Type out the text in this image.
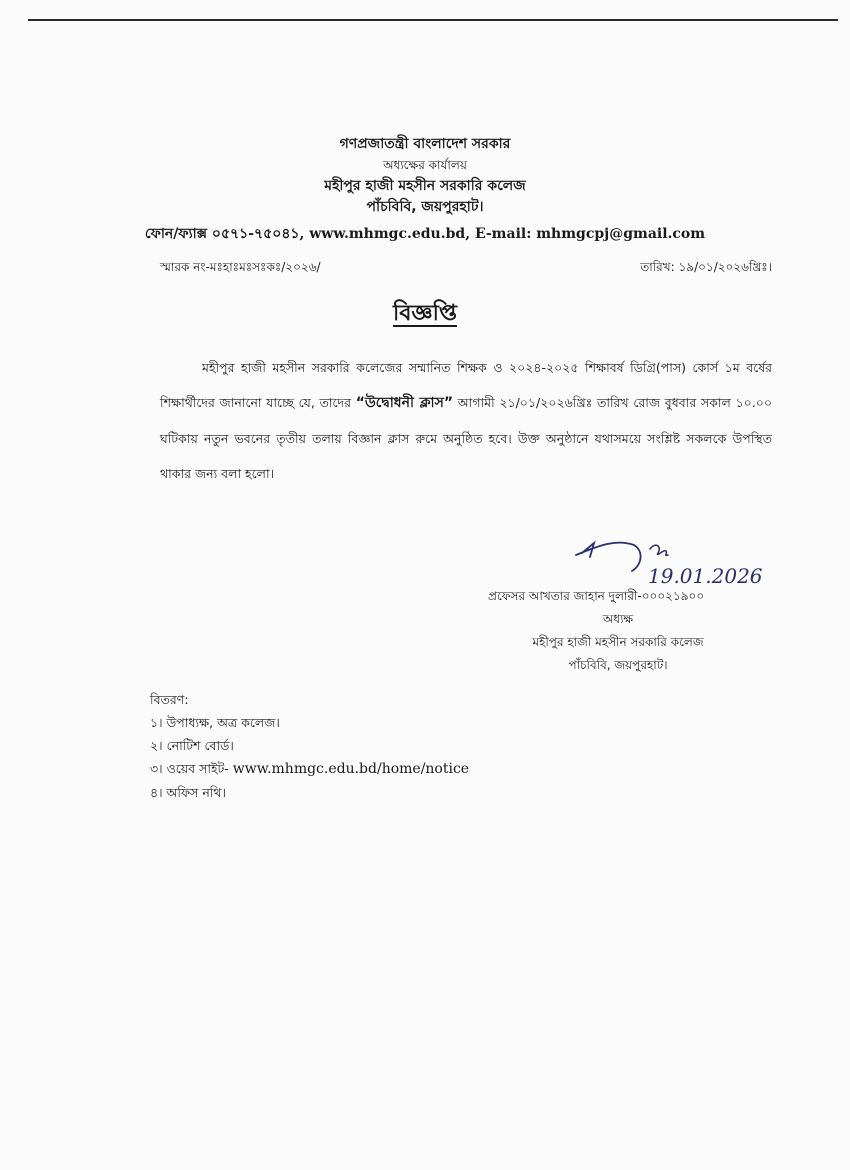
গণপ্রজাতন্ত্রী বাংলাদেশ সরকার
অধ্যক্ষের কার্যালয়
মহীপুর হাজী মহসীন সরকারি কলেজ
পাঁচবিবি, জয়পুরহাট।
ফোন/ফ্যাক্স ০৫৭১-৭৫০৪১, www.mhmgc.edu.bd, E-mail: mhmgcpj@gmail.com
স্মারক নং-মঃহাঃমঃসঃকঃ/২০২৬/	তারিখ: ১৯/০১/২০২৬খ্রিঃ।
বিজ্ঞপ্তি

মহীপুর হাজী মহসীন সরকারি কলেজের সম্মানিত শিক্ষক ও ২০২৪-২০২৫ শিক্ষাবর্ষ ডিগ্রি(পাস) কোর্স ১ম বর্ষের শিক্ষার্থীদের জানানো যাচ্ছে যে, তাদের “উদ্বোধনী ক্লাস” আগামী ২১/০১/২০২৬খ্রিঃ তারিখ রোজ বুধবার সকাল ১০.০০ ঘটিকায় নতুন ভবনের তৃতীয় তলায় বিজ্ঞান ক্লাস রুমে অনুষ্ঠিত হবে। উক্ত অনুষ্ঠানে যথাসময়ে সংশ্লিষ্ট সকলকে উপস্থিত থাকার জন্য বলা হলো।

19.01.2026
প্রফেসর আখতার জাহান দুলারী-০০০২১৯০০
অধ্যক্ষ
মহীপুর হাজী মহসীন সরকারি কলেজ
পাঁচবিবি, জয়পুরহাট।
বিতরণ:
১। উপাধ্যক্ষ, অত্র কলেজ।
২। নোটিশ বোর্ড।
৩। ওয়েব সাইট- www.mhmgc.edu.bd/home/notice
৪। অফিস নথি।
